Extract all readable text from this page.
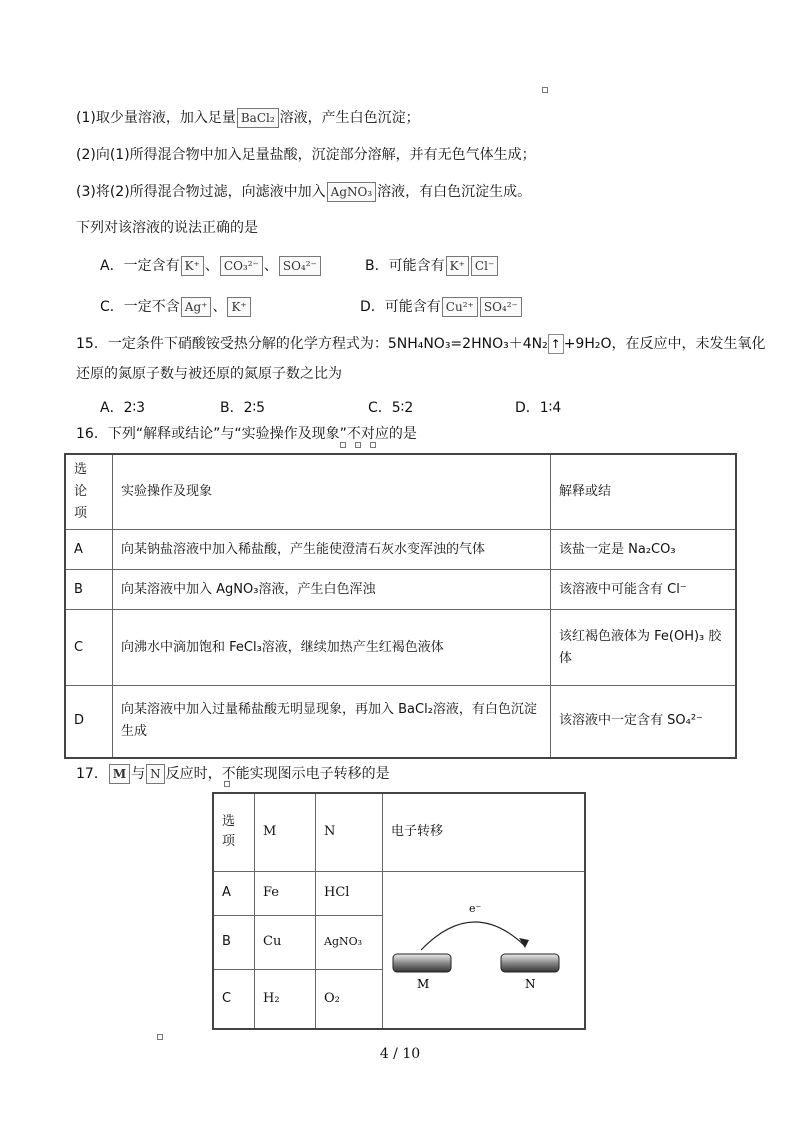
(1)取少量溶液，加入足量 BaCl₂ 溶液，产生白色沉淀；
(2)向(1)所得混合物中加入足量盐酸，沉淀部分溶解，并有无色气体生成；
(3)将(2)所得混合物过滤，向滤液中加入 AgNO₃ 溶液，有白色沉淀生成。
下列对该溶液的说法正确的是
A．一定含有 K⁺ 、 CO₃²⁻ 、 SO₄²⁻	B．可能含有 K⁺ Cl⁻
C．一定不含 Ag⁺ 、 K⁺	D．可能含有 Cu²⁺ SO₄²⁻
15．一定条件下硝酸铵受热分解的化学方程式为：5NH₄NO₃=2HNO₃＋4N₂ ↑ +9H₂O，在反应中，未发生氧化
还原的氮原子数与被还原的氮原子数之比为
A．2∶3	B．2∶5	C．5∶2	D．1∶4
16．下列“解释或结论”与“实验操作及现象”不对应的是
选
论 项	实验操作及现象	解释或结
A	向某钠盐溶液中加入稀盐酸，产生能使澄清石灰水变浑浊的气体	该盐一定是 Na₂CO₃
B	向某溶液中加入 AgNO₃溶液，产生白色浑浊	该溶液中可能含有 Cl⁻
C	向沸水中滴加饱和 FeCl₃溶液，继续加热产生红褐色液体	该红褐色液体为 Fe(OH)₃ 胶体
D	向某溶液中加入过量稀盐酸无明显现象，再加入 BaCl₂溶液，有白色沉淀生成	该溶液中一定含有 SO₄²⁻
17． M 与 N 反应时，不能实现图示电子转移的是
选
项	M	N	电子转移
A	Fe	HCl	e⁻
M N

B	Cu	AgNO₃	
C	H₂	O₂	
4 / 10
